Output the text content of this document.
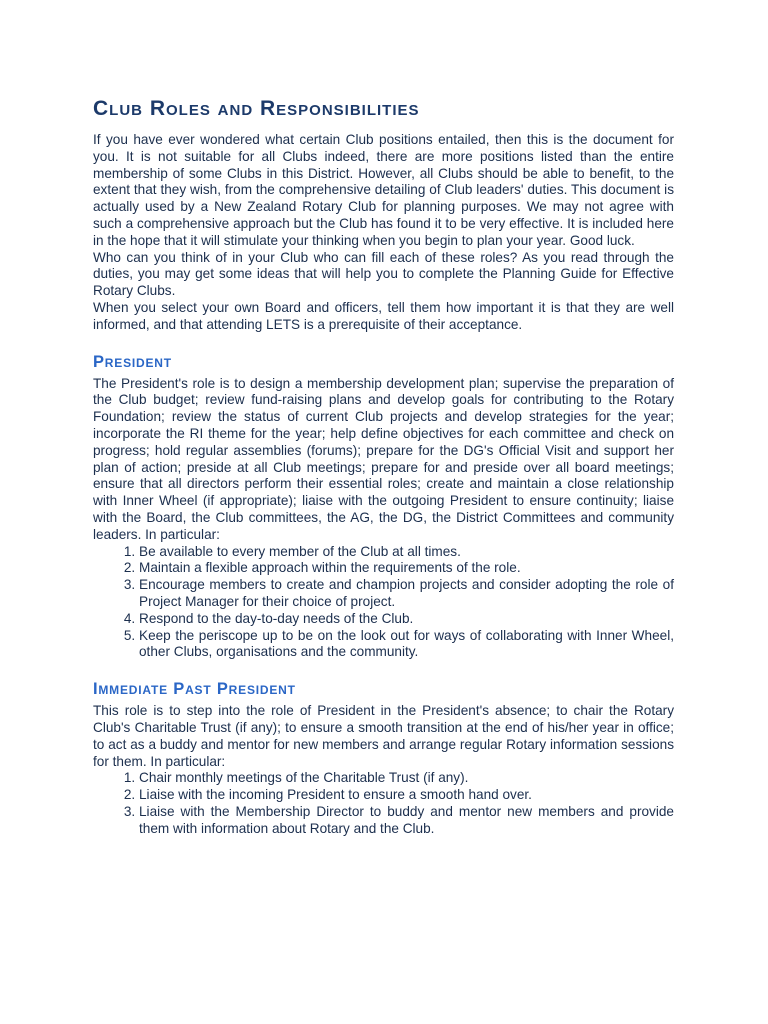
Club Roles and Responsibilities

If you have ever wondered what certain Club positions entailed, then this is the document for you. It is not suitable for all Clubs indeed, there are more positions listed than the entire membership of some Clubs in this District. However, all Clubs should be able to benefit, to the extent that they wish, from the comprehensive detailing of Club leaders' duties. This document is actually used by a New Zealand Rotary Club for planning purposes. We may not agree with such a comprehensive approach but the Club has found it to be very effective. It is included here in the hope that it will stimulate your thinking when you begin to plan your year. Good luck.

Who can you think of in your Club who can fill each of these roles? As you read through the duties, you may get some ideas that will help you to complete the Planning Guide for Effective Rotary Clubs.

When you select your own Board and officers, tell them how important it is that they are well informed, and that attending LETS is a prerequisite of their acceptance.

President

The President's role is to design a membership development plan; supervise the preparation of the Club budget; review fund-raising plans and develop goals for contributing to the Rotary Foundation; review the status of current Club projects and develop strategies for the year; incorporate the RI theme for the year; help define objectives for each committee and check on progress; hold regular assemblies (forums); prepare for the DG's Official Visit and support her plan of action; preside at all Club meetings; prepare for and preside over all board meetings; ensure that all directors perform their essential roles; create and maintain a close relationship with Inner Wheel (if appropriate); liaise with the outgoing President to ensure continuity; liaise with the Board, the Club committees, the AG, the DG, the District Committees and community leaders. In particular:

1. Be available to every member of the Club at all times.
2. Maintain a flexible approach within the requirements of the role.
3. Encourage members to create and champion projects and consider adopting the role of Project Manager for their choice of project.
4. Respond to the day-to-day needs of the Club.
5. Keep the periscope up to be on the look out for ways of collaborating with Inner Wheel, other Clubs, organisations and the community.
Immediate Past President

This role is to step into the role of President in the President's absence; to chair the Rotary Club's Charitable Trust (if any); to ensure a smooth transition at the end of his/her year in office; to act as a buddy and mentor for new members and arrange regular Rotary information sessions for them. In particular:

1. Chair monthly meetings of the Charitable Trust (if any).
2. Liaise with the incoming President to ensure a smooth hand over.
3. Liaise with the Membership Director to buddy and mentor new members and provide them with information about Rotary and the Club.
